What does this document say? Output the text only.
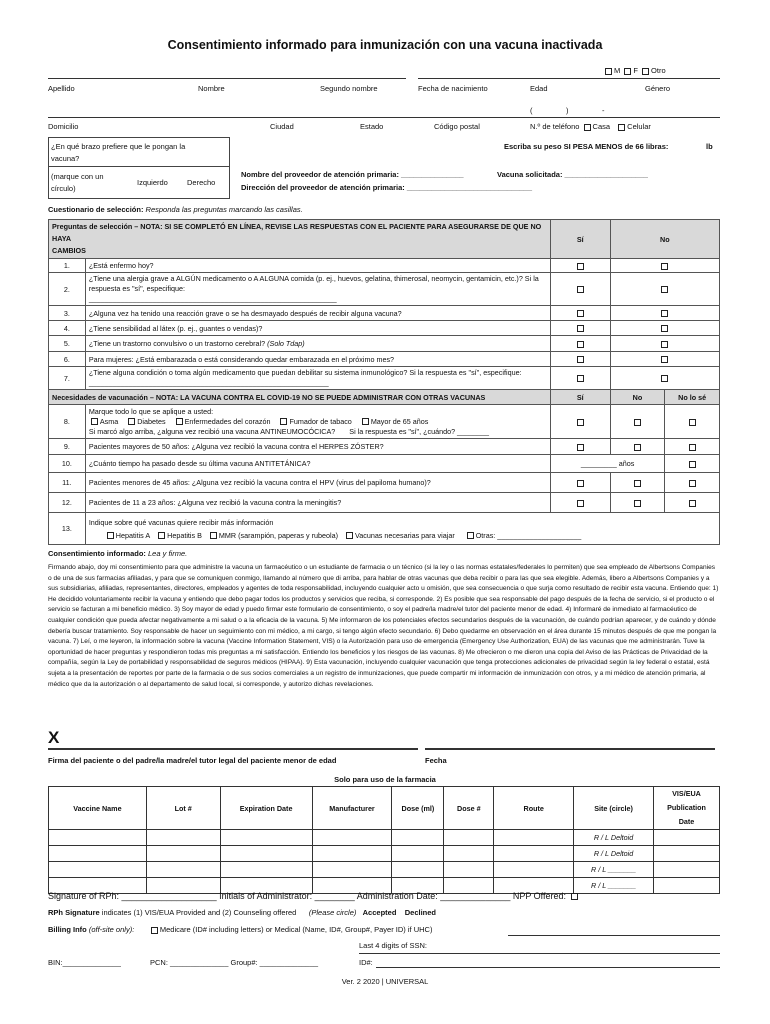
Consentimiento informado para inmunización con una vacuna inactivada
M F Otro
Apellido	Nombre	Segundo nombre	Fecha de nacimiento	Edad	Género
(	)	-
Domicilio	Ciudad	Estado	Código postal	N.º de teléfono Casa Celular
¿En qué brazo prefiere que le pongan la
vacuna?
(marque con un
círculo)
Izquierdo	Derecho
Escriba su peso SI PESA MENOS de 66 libras:	lb
Nombre del proveedor de atención primaria: _______________	Vacuna solicitada: ____________________
Dirección del proveedor de atención primaria: ______________________________
Cuestionario de selección: Responda las preguntas marcando las casillas.
Preguntas de selección – NOTA: SI SE COMPLETÓ EN LÍNEA, REVISE LAS RESPUESTAS CON EL PACIENTE PARA ASEGURARSE DE QUE NO HAYA
CAMBIOS		Sí	No	
1.	¿Está enfermo hoy?			
2.	¿Tiene una alergia grave a ALGÚN medicamento o A ALGUNA comida (p. ej., huevos, gelatina, thimerosal, neomycin, gentamicin, etc.)? Si la
respuesta es "sí", especifique:
______________________________________________________________			
3.	¿Alguna vez ha tenido una reacción grave o se ha desmayado después de recibir alguna vacuna?			
4.	¿Tiene sensibilidad al látex (p. ej., guantes o vendas)?			
5.	¿Tiene un trastorno convulsivo o un trastorno cerebral? (Solo Tdap)			
6.	Para mujeres: ¿Está embarazada o está considerando quedar embarazada en el próximo mes?			
7.	¿Tiene alguna condición o toma algún medicamento que puedan debilitar su sistema inmunológico? Si la respuesta es "sí", especifique:
____________________________________________________________			
Necesidades de vacunación – NOTA: LA VACUNA CONTRA EL COVID-19 NO SE PUEDE ADMINISTRAR CON OTRAS VACUNAS		Sí	No	No lo sé
8.	Marque todo lo que se aplique a usted:
Asma Diabetes Enfermedades del corazón Fumador de tabaco Mayor de 65 años
Si marcó algo arriba, ¿alguna vez recibió una vacuna ANTINEUMOCÓCICA? Si la respuesta es "sí", ¿cuándo? ________			
9.	Pacientes mayores de 50 años: ¿Alguna vez recibió la vacuna contra el HERPES ZÓSTER?			
10.	¿Cuánto tiempo ha pasado desde su última vacuna ANTITETÁNICA?	_________ años		
11.	Pacientes menores de 45 años: ¿Alguna vez recibió la vacuna contra el HPV (virus del papiloma humano)?			
12.	Pacientes de 11 a 23 años: ¿Alguna vez recibió la vacuna contra la meningitis?			
13.	Indique sobre qué vacunas quiere recibir más información
Hepatitis A Hepatitis B MMR (sarampión, paperas y rubeola) Vacunas necesarias para viajar Otras: _____________________			
Consentimiento informado: Lea y firme.
Firmando abajo, doy mi consentimiento para que administre la vacuna un farmacéutico o un estudiante de farmacia o un técnico (si la ley o las normas estatales/federales lo permiten) que sea empleado de Albertsons Companies o de una de sus farmacias afiliadas, y para que se comuniquen conmigo, llamando al número que di arriba, para hablar de otras vacunas que deba recibir o para las que sea elegible. Además, libero a Albertsons Companies y a sus subsidiarias, afiliadas, representantes, directores, empleados y agentes de toda responsabilidad, incluyendo cualquier acto u omisión, que sea consecuencia o que surja como resultado de recibir esta vacuna. Entiendo que: 1) He decidido voluntariamente recibir la vacuna y entiendo que debo pagar todos los productos y servicios que reciba, si corresponde. 2) Es posible que sea responsable del pago después de la fecha de servicio, si el producto o el servicio se facturan a mi beneficio médico. 3) Soy mayor de edad y puedo firmar este formulario de consentimiento, o soy el padre/la madre/el tutor del paciente menor de edad. 4) Informaré de inmediato al farmacéutico de cualquier condición que pueda afectar negativamente a mi salud o a la eficacia de la vacuna. 5) Me informaron de los potenciales efectos secundarios después de la vacunación, de cuándo podrían aparecer, y de cuándo y dónde debería buscar tratamiento. Soy responsable de hacer un seguimiento con mi médico, a mi cargo, si tengo algún efecto secundario. 6) Debo quedarme en observación en el área durante 15 minutos después de que me pongan la vacuna. 7) Leí, o me leyeron, la información sobre la vacuna (Vaccine Information Statement, VIS) o la Autorización para uso de emergencia (Emergency Use Authorization, EUA) de las vacunas que me administrarán. Tuve la oportunidad de hacer preguntas y respondieron todas mis preguntas a mi satisfacción. Entiendo los beneficios y los riesgos de las vacunas. 8) Me ofrecieron o me dieron una copia del Aviso de las Prácticas de Privacidad de la compañía, según la Ley de portabilidad y responsabilidad de seguros médicos (HIPAA). 9) Esta vacunación, incluyendo cualquier vacunación que tenga protecciones adicionales de privacidad según la ley federal o estatal, está sujeta a la presentación de reportes por parte de la farmacia o de sus socios comerciales a un registro de inmunizaciones, que puede compartir mi información de inmunización con otros, y a mi médico de atención primaria, al médico que da la autorización o al departamento de salud local, si corresponde, y autorizo dichas revelaciones.
X
Firma del paciente o del padre/la madre/el tutor legal del paciente menor de edad	Fecha
Solo para uso de la farmacia
Vaccine Name	Lot #	Expiration Date	Manufacturer	Dose (ml)	Dose #	Route	Site (circle)	VIS/EUA Publication
Date
							R / L Deltoid	
							R / L Deltoid	
							R / L _______	
							R / L _______	
Signature of RPh: ___________________ Initials of Administrator: ________ Administration Date: ______________ NPP Offered:
RPh Signature indicates (1) VIS/EUA Provided and (2) Counseling offered (Please circle) Accepted Declined
Billing Info (off-site only):	Medicare (ID# including letters) or Medical (Name, ID#, Group#, Payer ID) if UHC)
Last 4 digits of SSN:
BIN:______________	PCN: ______________ Group#: ______________	ID#:
Ver. 2 2020 | UNIVERSAL
